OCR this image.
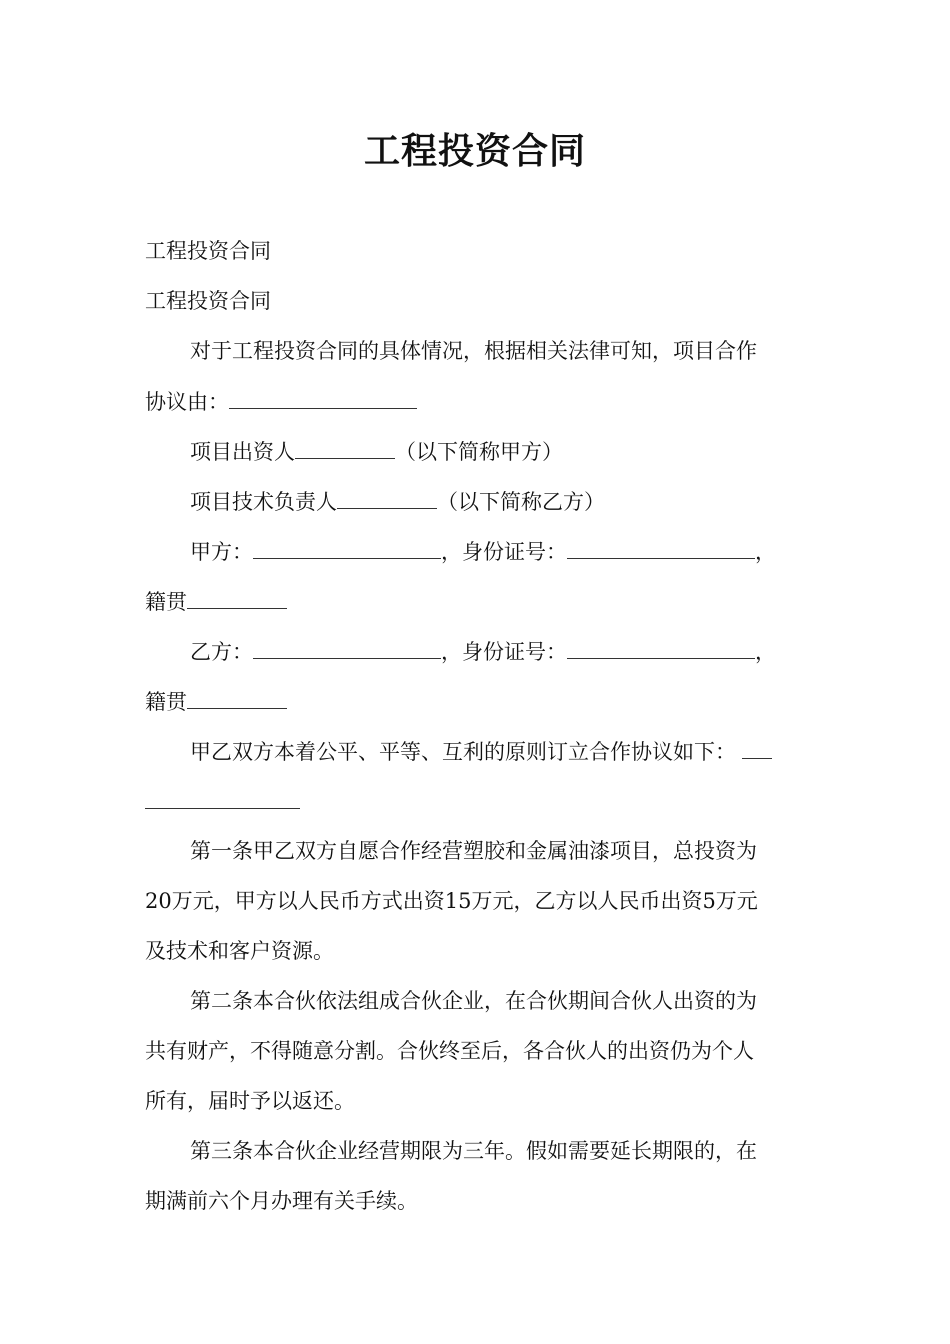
工程投资合同

工程投资合同

工程投资合同

对于工程投资合同的具体情况，根据相关法律可知，项目合作

协议由：

项目出资人	（以下简称甲方）

项目技术负责人	（以下简称乙方）

甲方：	，身份证号：	，

籍贯

乙方：	，身份证号：	，

籍贯

甲乙双方本着公平、平等、互利的原则订立合作协议如下：

第一条甲乙双方自愿合作经营塑胶和金属油漆项目，总投资为

20万元，甲方以人民币方式出资15万元，乙方以人民币出资5万元

及技术和客户资源。

第二条本合伙依法组成合伙企业，在合伙期间合伙人出资的为

共有财产，不得随意分割。合伙终至后，各合伙人的出资仍为个人

所有，届时予以返还。

第三条本合伙企业经营期限为三年。假如需要延长期限的，在

期满前六个月办理有关手续。
